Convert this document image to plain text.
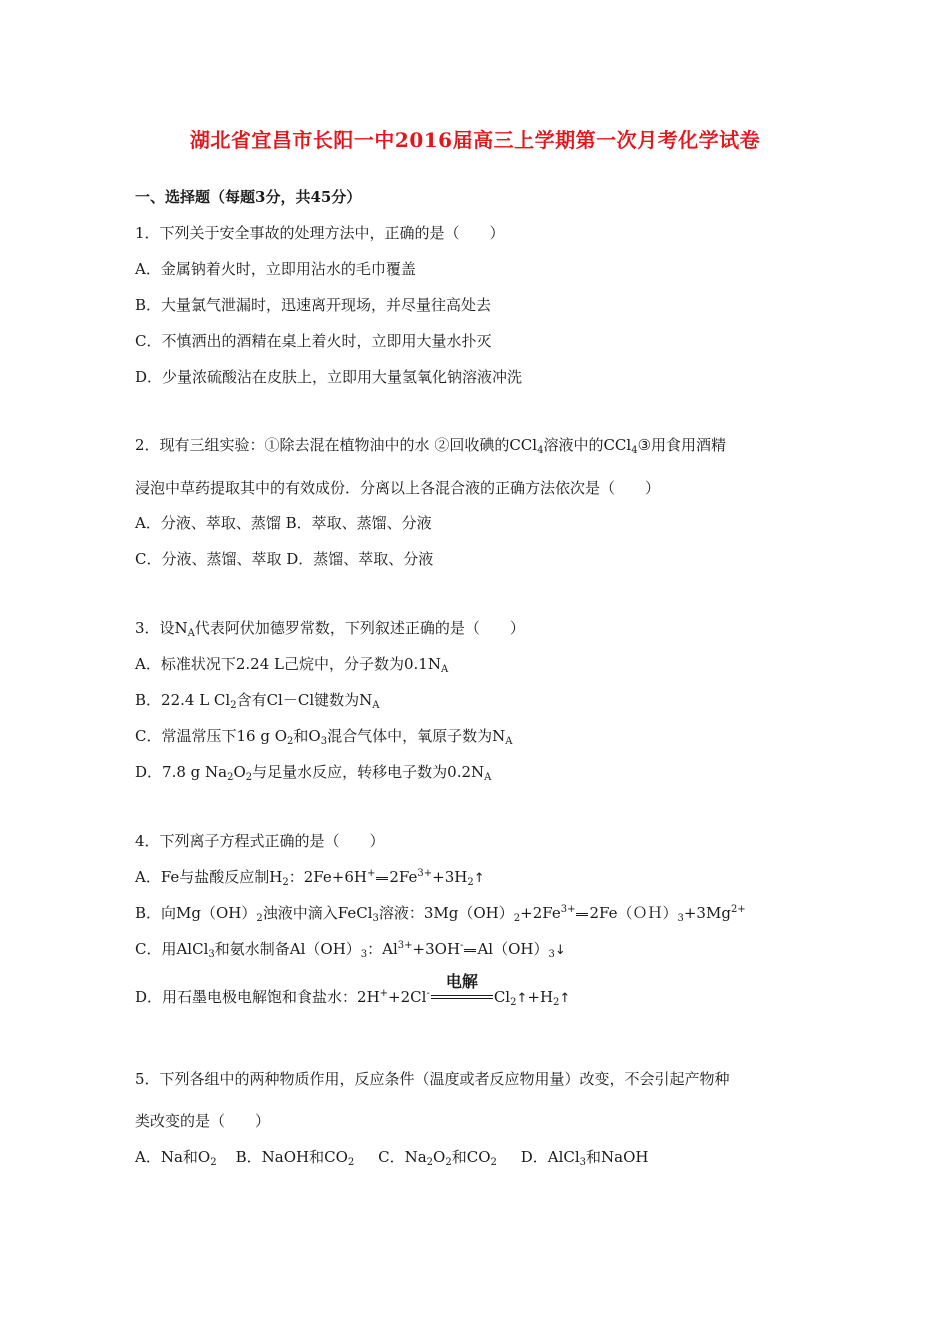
湖北省宜昌市长阳一中2016届高三上学期第一次月考化学试卷
一、选择题（每题3分，共45分）
1．下列关于安全事故的处理方法中，正确的是（　　）
A．金属钠着火时，立即用沾水的毛巾覆盖
B．大量氯气泄漏时，迅速离开现场，并尽量往高处去
C．不慎洒出的酒精在桌上着火时，立即用大量水扑灭
D．少量浓硫酸沾在皮肤上，立即用大量氢氧化钠溶液冲洗
2．现有三组实验：①除去混在植物油中的水 ②回收碘的CCl$_4$溶液中的CCl$_4$③用食用酒精
浸泡中草药提取其中的有效成份．分离以上各混合液的正确方法依次是（　　）
A．分液、萃取、蒸馏 B．萃取、蒸馏、分液
C．分液、蒸馏、萃取 D．蒸馏、萃取、分液
3．设$N_A$代表阿伏加德罗常数，下列叙述正确的是（　　）
A．标准状况下2.24 L己烷中，分子数为$0.1N_A$
B．22.4 L $Cl_2$含有Cl－Cl键数为$N_A$
C．常温常压下16 g $O_2$和$O_3$混合气体中，氧原子数为$N_A$
D．7.8 g $Na_2O_2$与足量水反应，转移电子数为$0.2N_A$
4．下列离子方程式正确的是（　　）
A．Fe与盐酸反应制$H_2$：2Fe+6H+ $2Fe^{3+}+3H_2↑$
B．向$Mg(OH)_2$浊液中滴入FeCl$_3$溶液：$3Mg(OH)_2+2Fe^{3+}$ $2Fe(OH)_3+3Mg^{2+}$
C．用AlCl$_3$和氨水制备$Al(OH)_3$：$Al^{3+}+3OH^-$ $Al(OH)_3↓$
D．用石墨电极电解饱和食盐水：2H++2Cl-
电解
$Cl_2↑+H_2↑$
5．下列各组中的两种物质作用，反应条件（温度或者反应物用量）改变，不会引起产物种
类改变的是（　　）
A．Na和$O_2$ B．NaOH和$CO_2$ C．$Na_2O_2$和$CO_2$ D．AlCl$_3$和NaOH
